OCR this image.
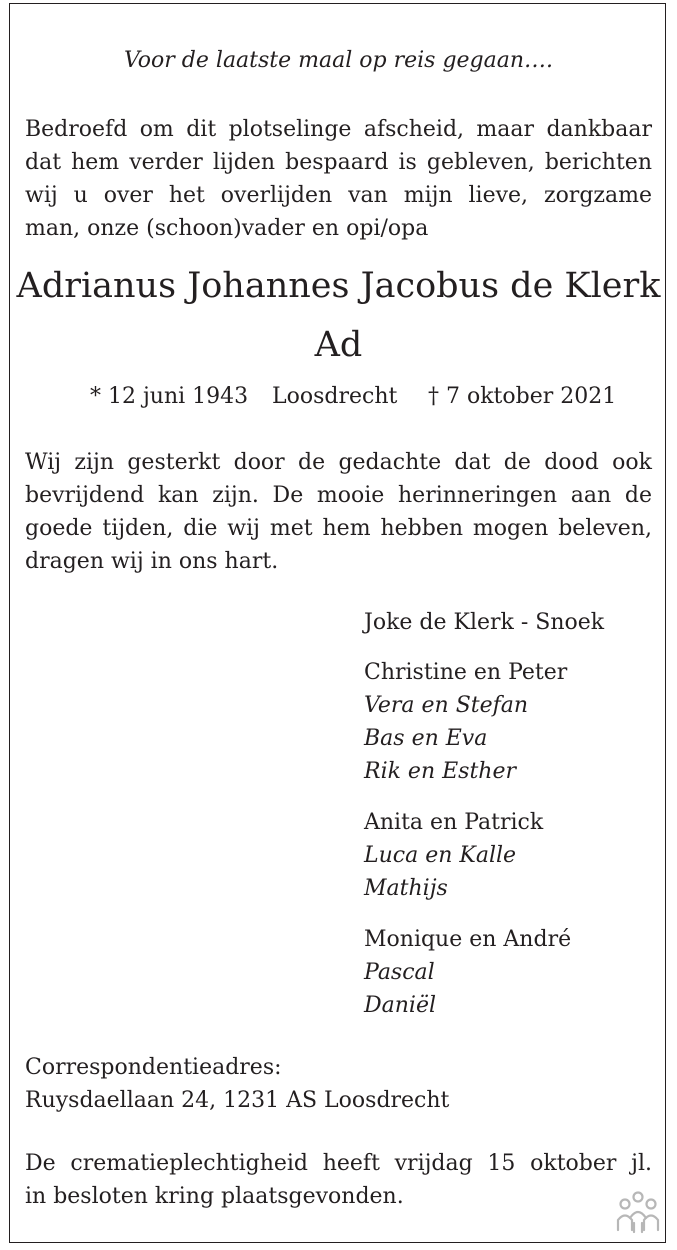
Voor de laatste maal op reis gegaan….
Bedroefd om dit plotselinge afscheid, maar dankbaar
dat hem verder lijden bespaard is gebleven, berichten
wij u over het overlijden van mijn lieve, zorgzame
man, onze (schoon)vader en opi/opa
Adrianus Johannes Jacobus de Klerk
Ad
* 12 juni 1943 Loosdrecht † 7 oktober 2021
Wij zijn gesterkt door de gedachte dat de dood ook
bevrijdend kan zijn. De mooie herinneringen aan de
goede tijden, die wij met hem hebben mogen beleven,
dragen wij in ons hart.
Joke de Klerk - Snoek
Christine en Peter
Vera en Stefan
Bas en Eva
Rik en Esther
Anita en Patrick
Luca en Kalle
Mathijs
Monique en André
Pascal
Daniël
Correspondentieadres:
Ruysdaellaan 24, 1231 AS Loosdrecht
De crematieplechtigheid heeft vrijdag 15 oktober jl.
in besloten kring plaatsgevonden.
